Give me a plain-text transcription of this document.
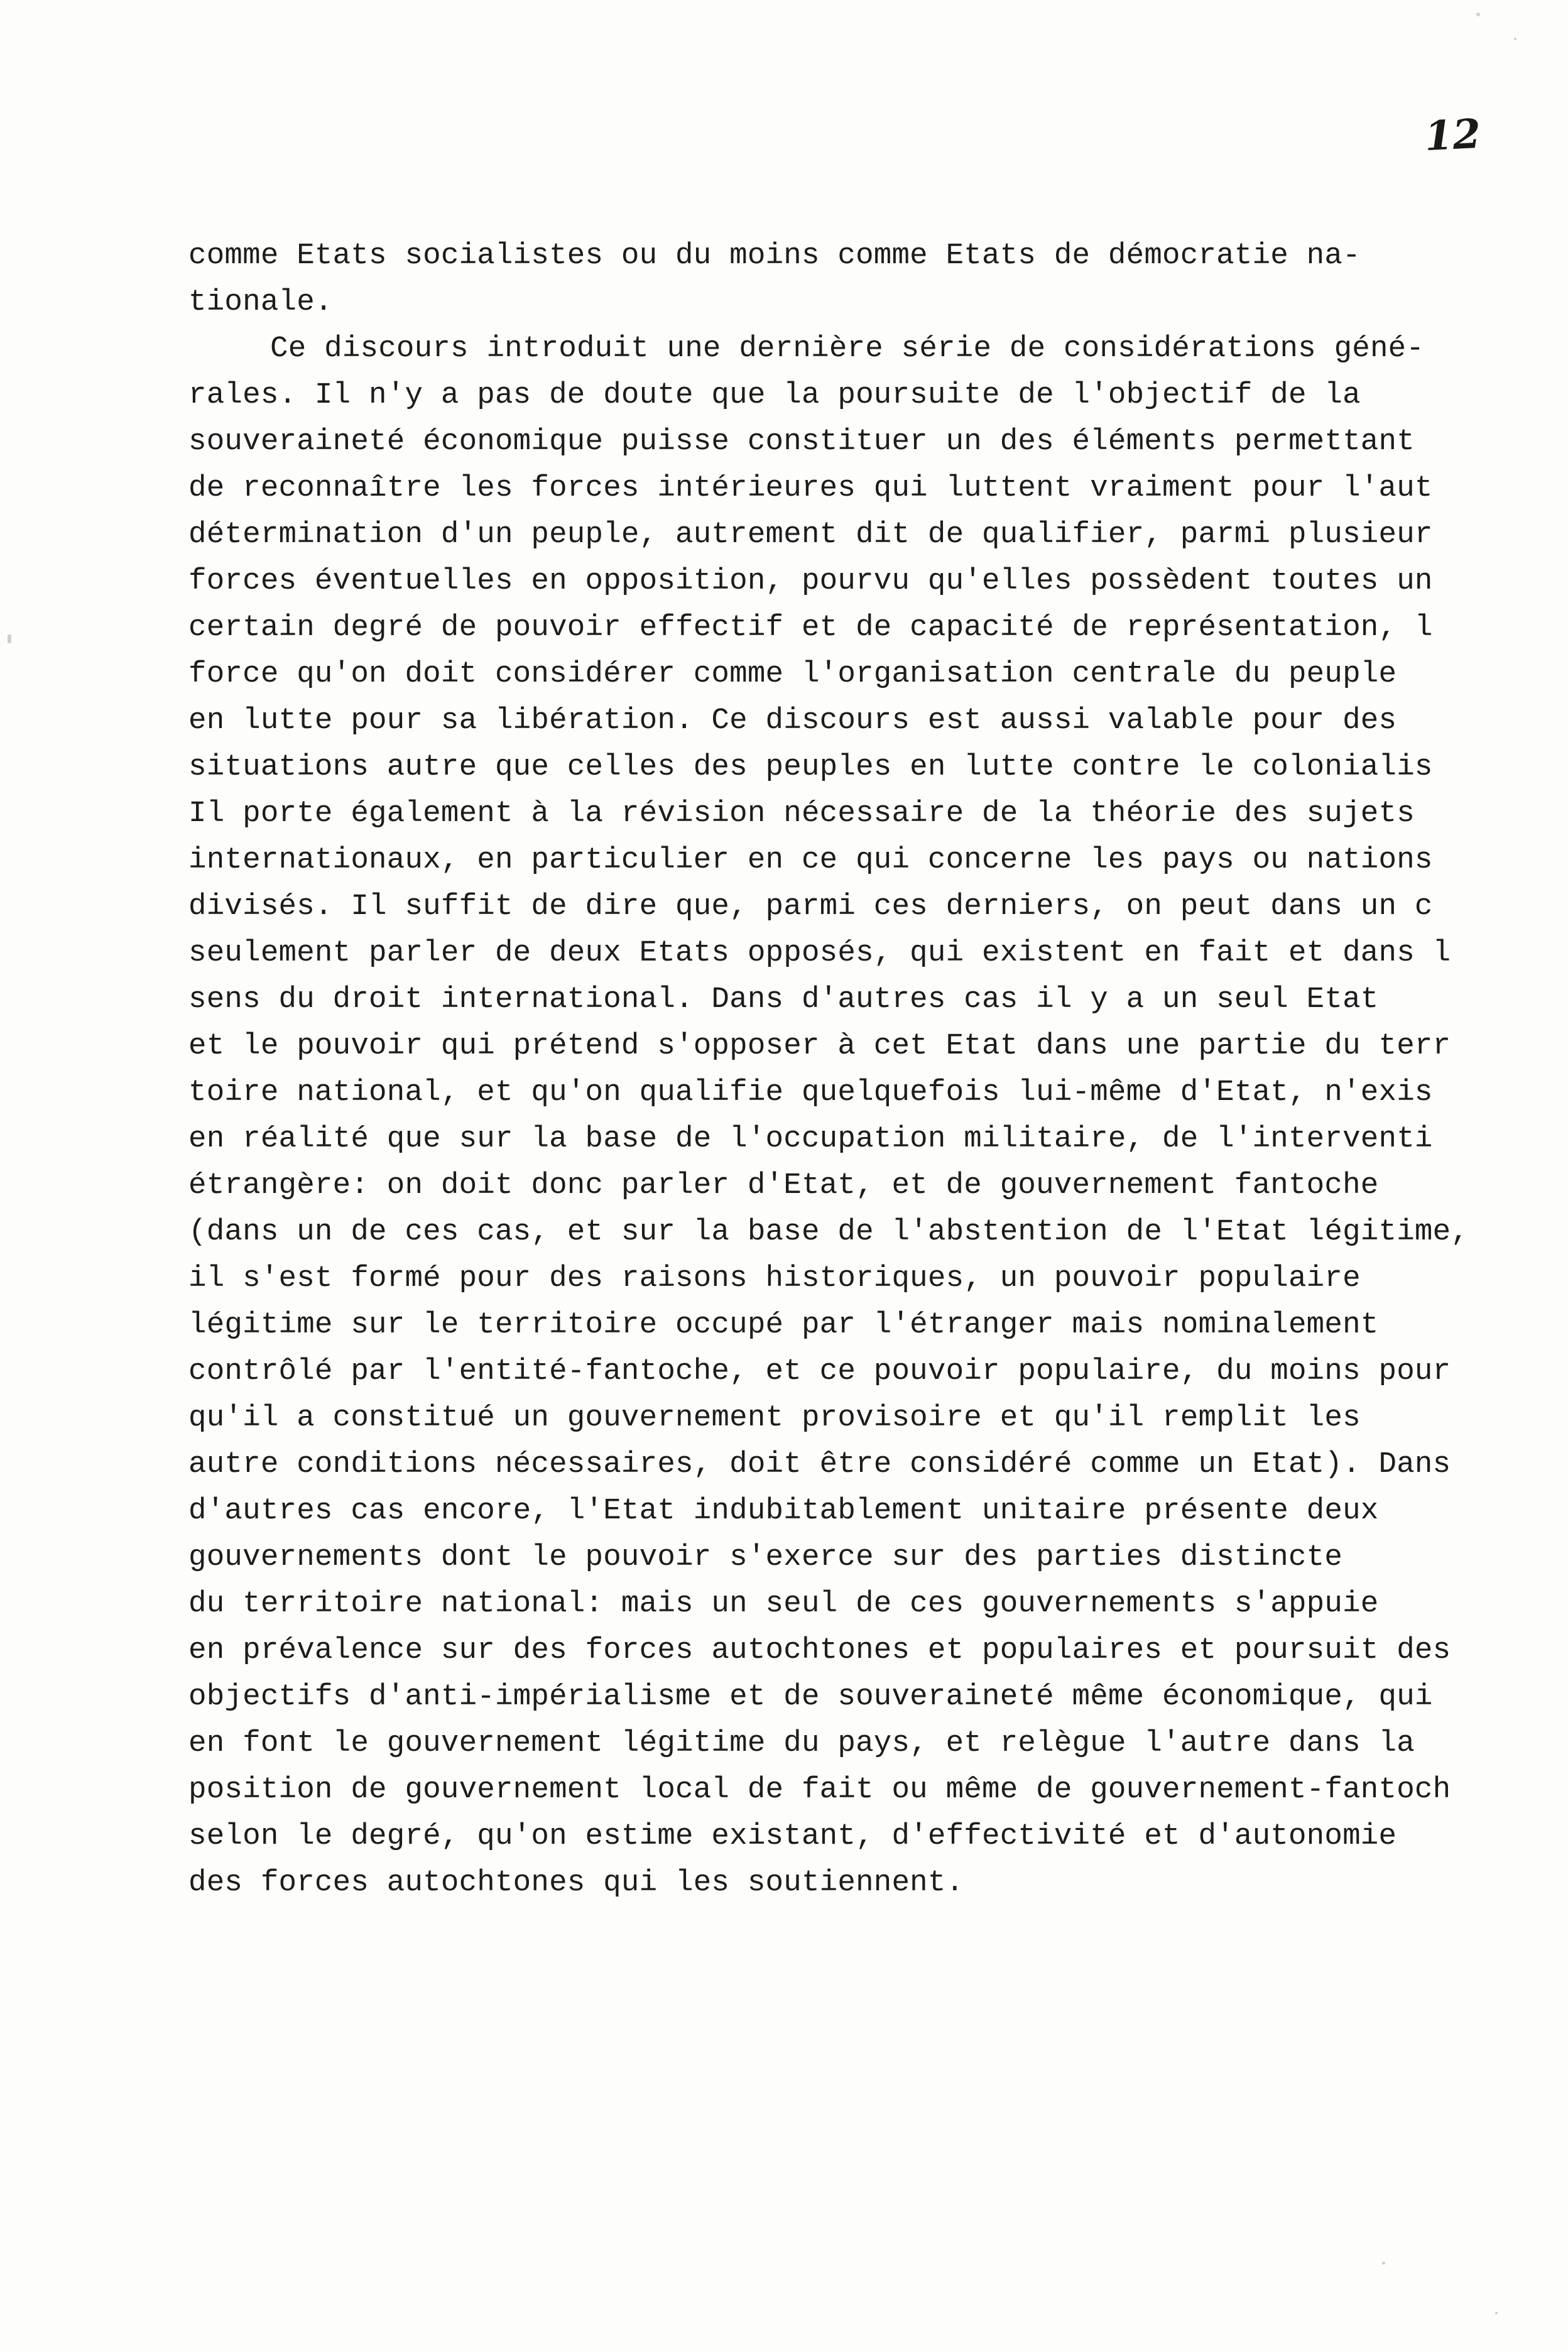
12
comme Etats socialistes ou du moins comme Etats de démocratie na-
tionale.
Ce discours introduit une dernière série de considérations géné-
rales. Il n'y a pas de doute que la poursuite de l'objectif de la
souveraineté économique puisse constituer un des éléments permettant
de reconnaître les forces intérieures qui luttent vraiment pour l'aut
détermination d'un peuple, autrement dit de qualifier, parmi plusieur
forces éventuelles en opposition, pourvu qu'elles possèdent toutes un
certain degré de pouvoir effectif et de capacité de représentation, l
force qu'on doit considérer comme l'organisation centrale du peuple
en lutte pour sa libération. Ce discours est aussi valable pour des
situations autre que celles des peuples en lutte contre le colonialis
Il porte également à la révision nécessaire de la théorie des sujets
internationaux, en particulier en ce qui concerne les pays ou nations
divisés. Il suffit de dire que, parmi ces derniers, on peut dans un c
seulement parler de deux Etats opposés, qui existent en fait et dans l
sens du droit international. Dans d'autres cas il y a un seul Etat
et le pouvoir qui prétend s'opposer à cet Etat dans une partie du terr
toire national, et qu'on qualifie quelquefois lui-même d'Etat, n'exis
en réalité que sur la base de l'occupation militaire, de l'interventi
étrangère: on doit donc parler d'Etat, et de gouvernement fantoche
(dans un de ces cas, et sur la base de l'abstention de l'Etat légitime,
il s'est formé pour des raisons historiques, un pouvoir populaire
légitime sur le territoire occupé par l'étranger mais nominalement
contrôlé par l'entité-fantoche, et ce pouvoir populaire, du moins pour
qu'il a constitué un gouvernement provisoire et qu'il remplit les
autre conditions nécessaires, doit être considéré comme un Etat). Dans
d'autres cas encore, l'Etat indubitablement unitaire présente deux
gouvernements dont le pouvoir s'exerce sur des parties distincte
du territoire national: mais un seul de ces gouvernements s'appuie
en prévalence sur des forces autochtones et populaires et poursuit des
objectifs d'anti-impérialisme et de souveraineté même économique, qui
en font le gouvernement légitime du pays, et relègue l'autre dans la
position de gouvernement local de fait ou même de gouvernement-fantoch
selon le degré, qu'on estime existant, d'effectivité et d'autonomie
des forces autochtones qui les soutiennent.
